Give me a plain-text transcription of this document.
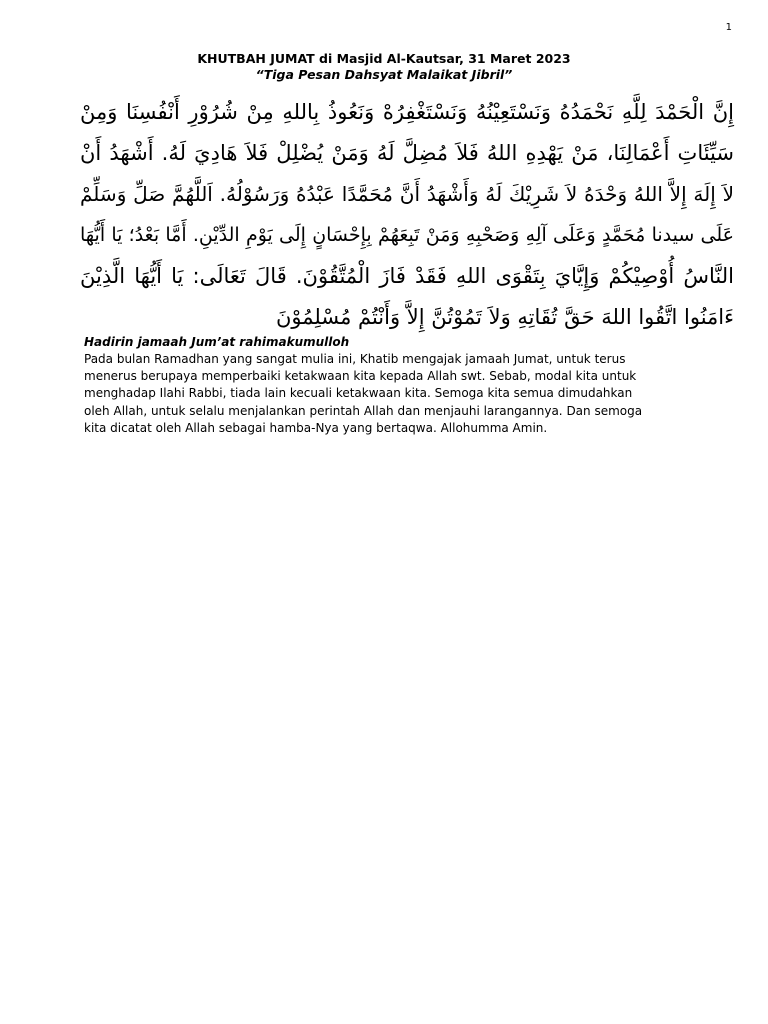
1
KHUTBAH JUMAT di Masjid Al-Kautsar, 31 Maret 2023
“Tiga Pesan Dahsyat Malaikat Jibril”
إِنَّ الْحَمْدَ لِلَّهِ نَحْمَدُهُ وَنَسْتَعِيْنُهُ وَنَسْتَغْفِرُهْ وَنَعُوذُ بِاللهِ مِنْ شُرُوْرِ أَنْفُسِنَا وَمِنْ
سَيِّئَاتِ أَعْمَالِنَا، مَنْ يَهْدِهِ اللهُ فَلاَ مُضِلَّ لَهُ وَمَنْ يُضْلِلْ فَلاَ هَادِيَ لَهُ. أَشْهَدُ أَنْ
لاَ إِلَهَ إِلاَّ اللهُ وَحْدَهُ لاَ شَرِيْكَ لَهُ وَأَشْهَدُ أَنَّ مُحَمَّدًا عَبْدُهُ وَرَسُوْلُهُ. اَللَّهُمَّ صَلِّ وَسَلِّمْ
عَلَى سيدنا مُحَمَّدٍ وَعَلَى آلِهِ وَصَحْبِهِ وَمَنْ تَبِعَهُمْ بِإِحْسَانٍ إِلَى يَوْمِ الدِّيْنِ. أَمَّا بَعْدُ؛ يَا أَيُّهَا
النَّاسُ أُوْصِيْكُمْ وَإِيَّايَ بِتَقْوَى اللهِ فَقَدْ فَازَ الْمُتَّقُوْنَ. قَالَ تَعَالَى: يَا أَيُّهَا الَّذِيْنَ
ءَامَنُوا اتَّقُوا اللهَ حَقَّ تُقَاتِهِ وَلاَ تَمُوْتُنَّ إِلاَّ وَأَنْتُمْ مُسْلِمُوْنَ

Hadirin jamaah Jum’at rahimakumulloh

Pada bulan Ramadhan yang sangat mulia ini, Khatib mengajak jamaah Jumat, untuk terus
menerus berupaya memperbaiki ketakwaan kita kepada Allah swt. Sebab, modal kita untuk
menghadap Ilahi Rabbi, tiada lain kecuali ketakwaan kita. Semoga kita semua dimudahkan
oleh Allah, untuk selalu menjalankan perintah Allah dan menjauhi larangannya. Dan semoga
kita dicatat oleh Allah sebagai hamba-Nya yang bertaqwa. Allohumma Amin.
